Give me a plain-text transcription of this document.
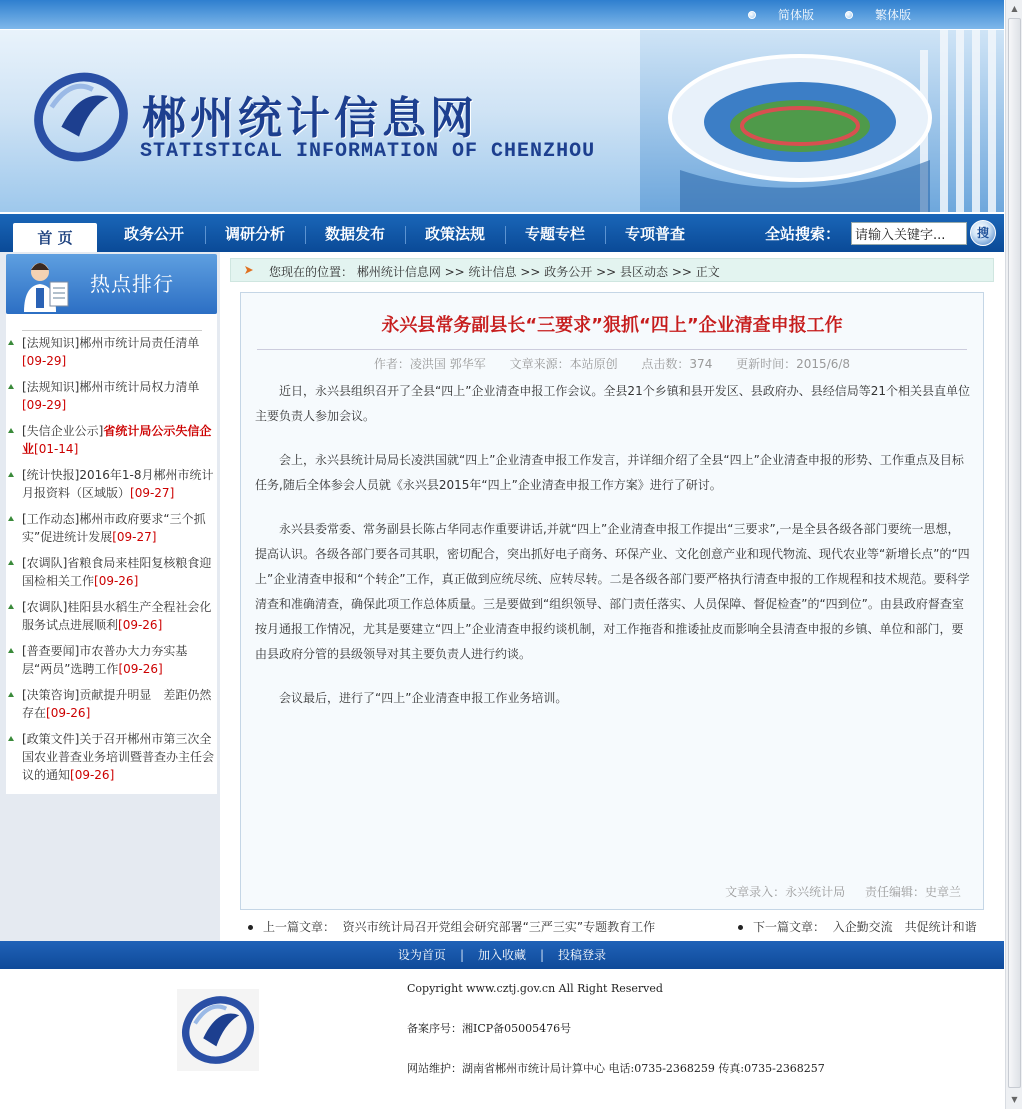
简体版	繁体版	▲
▼
郴州统计信息网
STATISTICAL INFORMATION OF CHENZHOU
首 页	政务公开	调研分析	数据发布	政策法规	专题专栏	专项普查	全站搜索：
请输入关键字...	搜
热点排行
[法规知识]郴州市统计局责任清单
[09-29]
[法规知识]郴州市统计局权力清单
[09-29]
[失信企业公示]省统计局公示失信企业[01-14]
[统计快报]2016年1-8月郴州市统计月报资料（区域版）[09-27]
[工作动态]郴州市政府要求“三个抓实”促进统计发展[09-27]
[农调队]省粮食局来桂阳复核粮食迎国检相关工作[09-26]
[农调队]桂阳县水稻生产全程社会化服务试点进展顺利[09-26]
[普查要闻]市农普办大力夯实基层“两员”选聘工作[09-26]
[决策咨询]贡献提升明显　差距仍然存在[09-26]
[政策文件]关于召开郴州市第三次全国农业普查业务培训暨普查办主任会议的通知[09-26]
您现在的位置： 郴州统计信息网 >> 统计信息 >> 政务公开 >> 县区动态 >> 正文
永兴县常务副县长“三要求”狠抓“四上”企业清查申报工作
作者：凌洪国 郭华军 文章来源：本站原创 点击数：374 更新时间：2015/6/8

近日，永兴县组织召开了全县“四上”企业清查申报工作会议。全县21个乡镇和县开发区、县政府办、县经信局等21个相关县直单位主要负责人参加会议。

会上，永兴县统计局局长凌洪国就“四上”企业清查申报工作发言，并详细介绍了全县“四上”企业清查申报的形势、工作重点及目标任务,随后全体参会人员就《永兴县2015年“四上”企业清查申报工作方案》进行了研讨。

永兴县委常委、常务副县长陈占华同志作重要讲话,并就“四上”企业清查申报工作提出“三要求”,一是全县各级各部门要统一思想，提高认识。各级各部门要各司其职，密切配合，突出抓好电子商务、环保产业、文化创意产业和现代物流、现代农业等“新增长点”的“四上”企业清查申报和“个转企”工作，真正做到应统尽统、应转尽转。二是各级各部门要严格执行清查申报的工作规程和技术规范。要科学清查和准确清查，确保此项工作总体质量。三是要做到“组织领导、部门责任落实、人员保障、督促检查”的“四到位”。由县政府督查室按月通报工作情况，尤其是要建立“四上”企业清查申报约谈机制，对工作拖沓和推诿扯皮而影响全县清查申报的乡镇、单位和部门，要由县政府分管的县级领导对其主要负责人进行约谈。

会议最后，进行了“四上”企业清查申报工作业务培训。

文章录入：永兴统计局 责任编辑：史章兰
上一篇文章： 资兴市统计局召开党组会研究部署“三严三实”专题教育工作	下一篇文章： 入企勤交流　共促统计和谐
设为首页 | 加入收藏 | 投稿登录
Copyright www.cztj.gov.cn All Right Reserved
备案序号：湘ICP备05005476号
网站维护：湖南省郴州市统计局计算中心 电话:0735-2368259 传真:0735-2368257
